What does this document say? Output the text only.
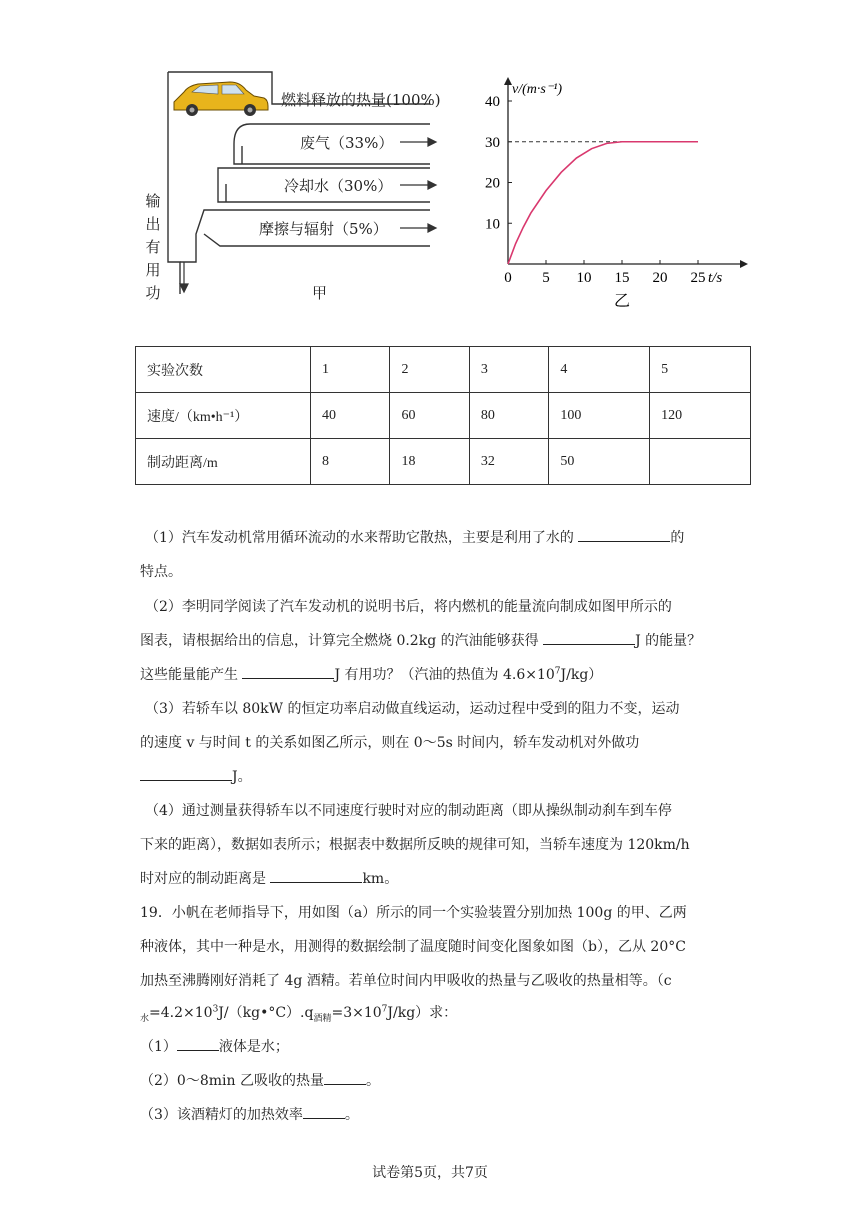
燃料释放的热量(100%)
废气（33%）
冷却水（30%）
摩擦与辐射（5%）
输
出
有
用
功	甲
0 5 10 15 20 25
10
20
30
40
v/(m·s⁻¹)
t/s
乙
实验次数	1	2	3	4	5
速度/（km•h⁻¹）	40	60	80	100	120
制动距离/m	8	18	32	50	
（1）汽车发动机常用循环流动的水来帮助它散热，主要是利用了水的	的
特点。
（2）李明同学阅读了汽车发动机的说明书后，将内燃机的能量流向制成如图甲所示的
图表，请根据给出的信息，计算完全燃烧 0.2kg 的汽油能够获得	J 的能量？
这些能量能产生	J 有用功？（汽油的热值为 $4.6\times 10^7J/kg$）
（3）若轿车以 80kW 的恒定功率启动做直线运动，运动过程中受到的阻力不变，运动
的速度 v 与时间 t 的关系如图乙所示，则在 0～5s 时间内，轿车发动机对外做功
J。
（4）通过测量获得轿车以不同速度行驶时对应的制动距离（即从操纵制动刹车到车停
下来的距离），数据如表所示；根据表中数据所反映的规律可知，当轿车速度为 120km/h
时对应的制动距离是	km。
19．小帆在老师指导下，用如图（a）所示的同一个实验装置分别加热 100g 的甲、乙两
种液体，其中一种是水，用测得的数据绘制了温度随时间变化图象如图（b），乙从 20°C
加热至沸腾刚好消耗了 4g 酒精。若单位时间内甲吸收的热量与乙吸收的热量相等。（c
$_水=4.2\times 10^3J/(kg•^\circ C).q_{酒精}=3\times 10^7J/kg$）求：
（1）	液体是水；
（2）0～8min 乙吸收的热量	。
（3）该酒精灯的加热效率	。
试卷第5页，共7页
